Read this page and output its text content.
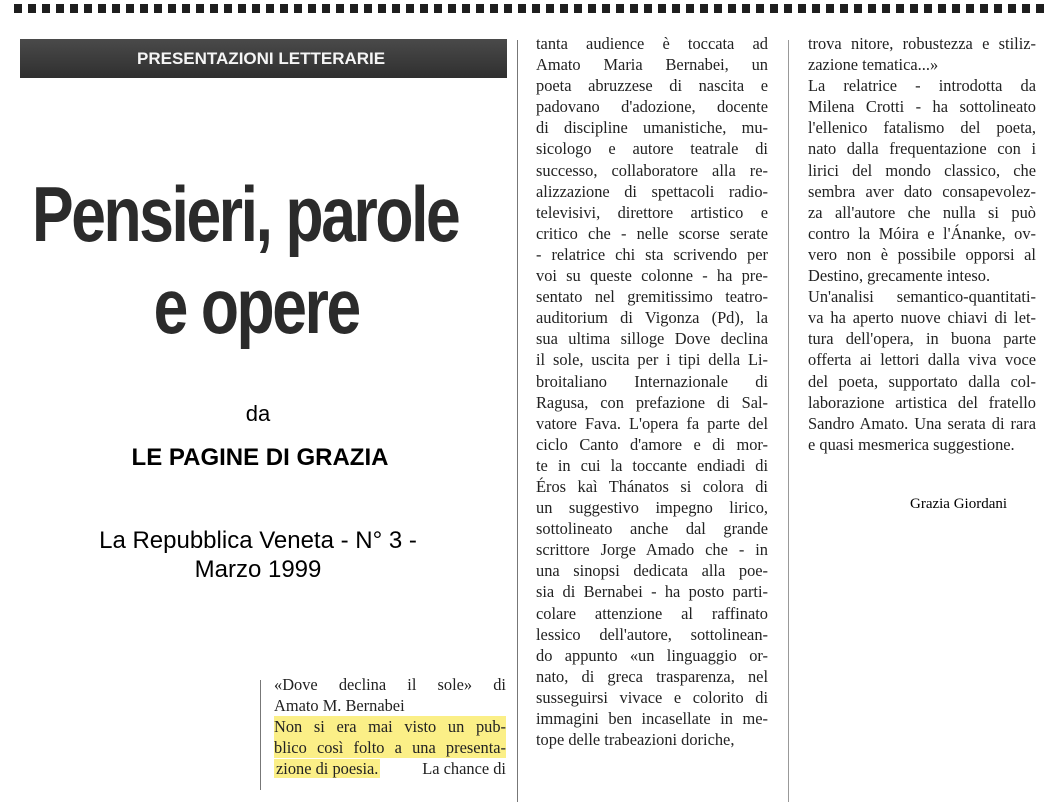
PRESENTAZIONI LETTERARIE
Pensieri, parole
e opere
da
LE PAGINE DI GRAZIA
La Repubblica Veneta - N° 3 -
Marzo 1999
«Dove declina il sole» di
Amato M. Bernabei
Non si era mai visto un pub-
blico così folto a una presenta-
zione di poesia.	La chance di
tanta audience è toccata ad
Amato Maria Bernabei, un
poeta abruzzese di nascita e
padovano d'adozione, docente
di discipline umanistiche, mu-
sicologo e autore teatrale di
successo, collaboratore alla re-
alizzazione di spettacoli radio-
televisivi, direttore artistico e
critico che - nelle scorse serate
- relatrice chi sta scrivendo per
voi su queste colonne - ha pre-
sentato nel gremitissimo teatro-
auditorium di Vigonza (Pd), la
sua ultima silloge Dove declina
il sole, uscita per i tipi della Li-
broitaliano Internazionale di
Ragusa, con prefazione di Sal-
vatore Fava. L'opera fa parte del
ciclo Canto d'amore e di mor-
te in cui la toccante endiadi di
Éros kaì Thánatos si colora di
un suggestivo impegno lirico,
sottolineato anche dal grande
scrittore Jorge Amado che - in
una sinopsi dedicata alla poe-
sia di Bernabei - ha posto parti-
colare attenzione al raffinato
lessico dell'autore, sottolinean-
do appunto «un linguaggio or-
nato, di greca trasparenza, nel
susseguirsi vivace e colorito di
immagini ben incasellate in me-
tope delle trabeazioni doriche,
trova nitore, robustezza e stiliz-
zazione tematica...»
La relatrice - introdotta da
Milena Crotti - ha sottolineato
l'ellenico fatalismo del poeta,
nato dalla frequentazione con i
lirici del mondo classico, che
sembra aver dato consapevolez-
za all'autore che nulla si può
contro la Móira e l'Ánanke, ov-
vero non è possibile opporsi al
Destino, grecamente inteso.
Un'analisi semantico-quantitati-
va ha aperto nuove chiavi di let-
tura dell'opera, in buona parte
offerta ai lettori dalla viva voce
del poeta, supportato dalla col-
laborazione artistica del fratello
Sandro Amato. Una serata di rara
e quasi mesmerica suggestione.
Grazia Giordani
